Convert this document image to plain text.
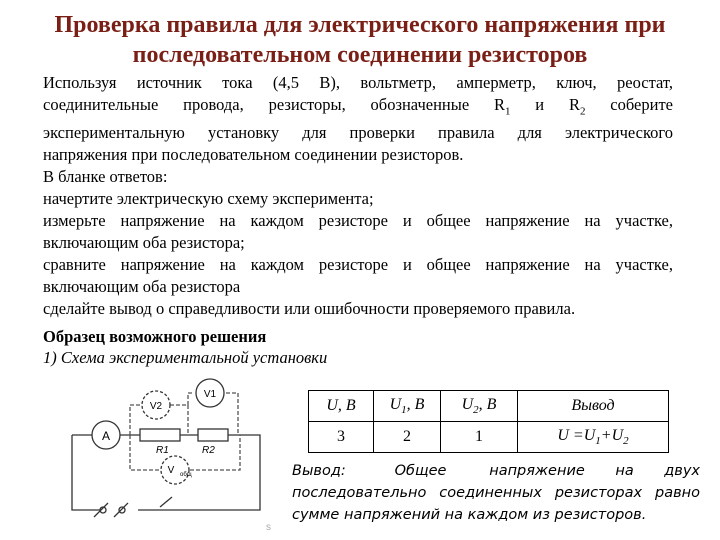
Проверка правила для электрического напряжения при
последовательном соединении резисторов
Используя источник тока (4,5 В), вольтметр, амперметр, ключ, реостат,
соединительные провода, резисторы, обозначенные $R_1$ и $R_2$ соберите
экспериментальную установку для проверки правила для электрического
напряжения при последовательном соединении резисторов.
В бланке ответов:
начертите электрическую схему эксперимента;
измерьте напряжение на каждом резисторе и общее напряжение на участке,
включающим оба резистора;
сравните напряжение на каждом резисторе и общее напряжение на участке,
включающим оба резистора
сделайте вывод о справедливости или ошибочности проверяемого правила.
Образец возможного решения
1) Схема экспериментальной установки
A
R1	R2
V2
V1
V общ
U, В	$U_1$, В	$U_2$, В	Вывод
3	2	1	$U =U_1+U_2$
Вывод:        Общее       напряжение     на     двух
последовательно соединенных резисторах равно
сумме напряжений на каждом из резисторов.
s
